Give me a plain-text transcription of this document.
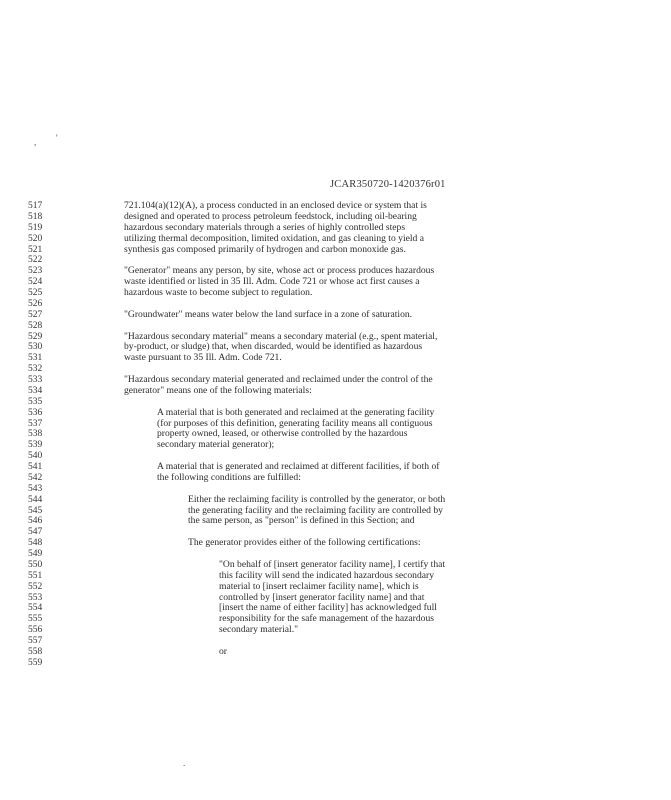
, '
JCAR350720-1420376r01
517
518
519
520
521
522
523
524
525
526
527
528
529
530
531
532
533
534
535
536
537
538
539
540
541
542
543
544
545
546
547
548
549
550
551
552
553
554
555
556
557
558
559
721.104(a)(12)(A), a process conducted in an enclosed device or system that is
designed and operated to process petroleum feedstock, including oil-bearing
hazardous secondary materials through a series of highly controlled steps
utilizing thermal decomposition, limited oxidation, and gas cleaning to yield a
synthesis gas composed primarily of hydrogen and carbon monoxide gas.
"Generator" means any person, by site, whose act or process produces hazardous
waste identified or listed in 35 Ill. Adm. Code 721 or whose act first causes a
hazardous waste to become subject to regulation.
"Groundwater" means water below the land surface in a zone of saturation.
"Hazardous secondary material" means a secondary material (e.g., spent material,
by-product, or sludge) that, when discarded, would be identified as hazardous
waste pursuant to 35 Ill. Adm. Code 721.
"Hazardous secondary material generated and reclaimed under the control of the
generator" means one of the following materials:
A material that is both generated and reclaimed at the generating facility
(for purposes of this definition, generating facility means all contiguous
property owned, leased, or otherwise controlled by the hazardous
secondary material generator);
A material that is generated and reclaimed at different facilities, if both of
the following conditions are fulfilled:
Either the reclaiming facility is controlled by the generator, or both
the generating facility and the reclaiming facility are controlled by
the same person, as "person" is defined in this Section; and
The generator provides either of the following certifications:
"On behalf of [insert generator facility name], I certify that
this facility will send the indicated hazardous secondary
material to [insert reclaimer facility name], which is
controlled by [insert generator facility name] and that
[insert the name of either facility] has acknowledged full
responsibility for the safe management of the hazardous
secondary material."
or
.
